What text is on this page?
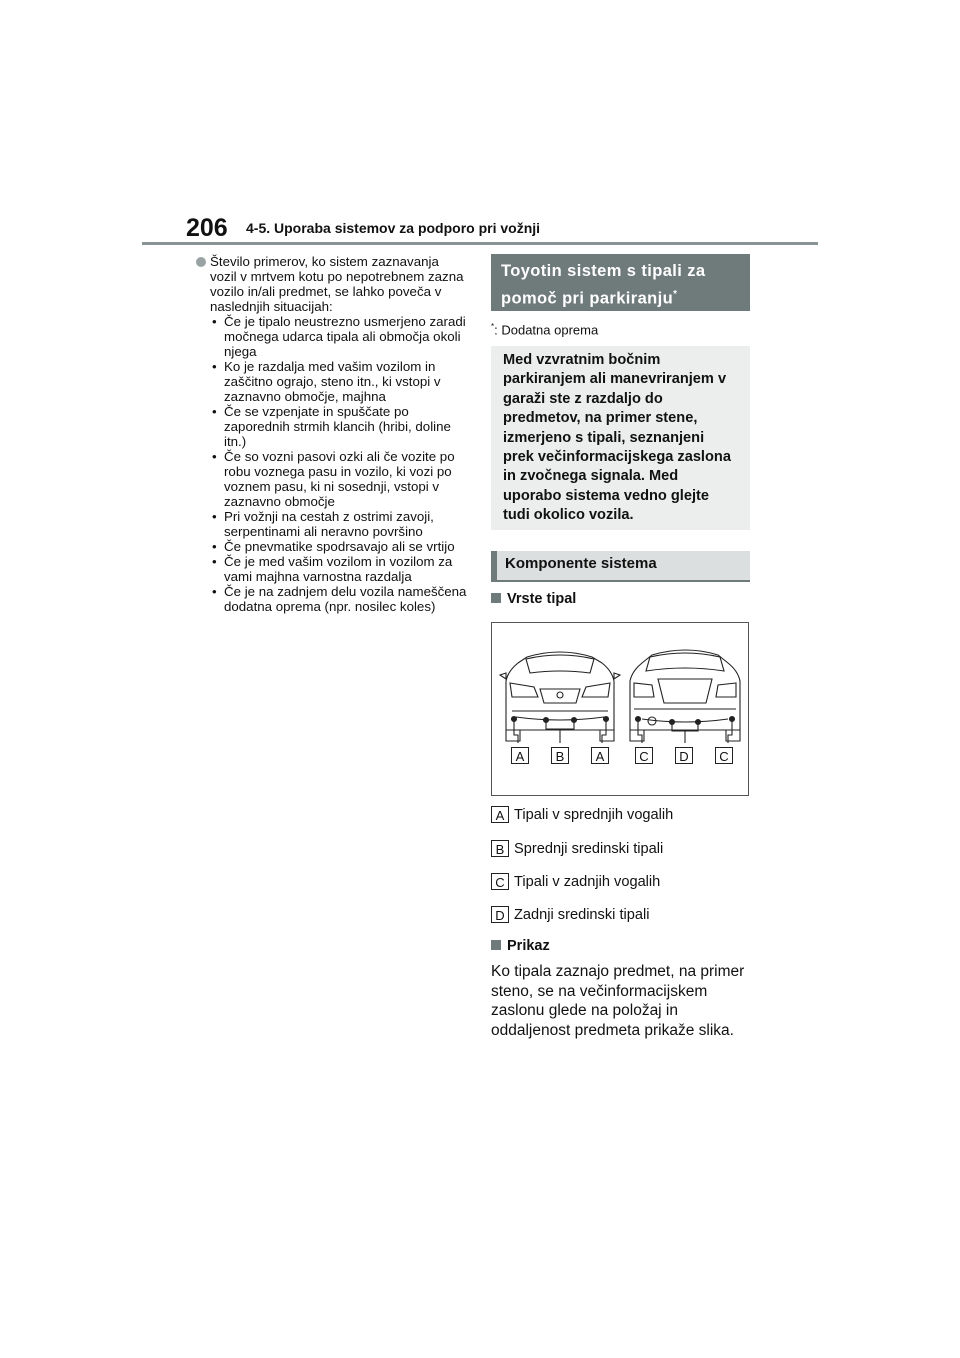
206 4-5. Uporaba sistemov za podporo pri vožnji
Število primerov, ko sistem zaznavanja vozil v mrtvem kotu po nepotrebnem zazna vozilo in/ali predmet, se lahko poveča v naslednjih situacijah:
• Če je tipalo neustrezno usmerjeno zaradi močnega udarca tipala ali območja okoli njega
• Ko je razdalja med vašim vozilom in zaščitno ograjo, steno itn., ki vstopi v zaznavno območje, majhna
• Če se vzpenjate in spuščate po zaporednih strmih klancih (hribi, doline itn.)
• Če so vozni pasovi ozki ali če vozite po robu voznega pasu in vozilo, ki vozi po voznem pasu, ki ni sosednji, vstopi v zaznavno območje
• Pri vožnji na cestah z ostrimi zavoji, serpentinami ali neravno površino
• Če pnevmatike spodrsavajo ali se vrtijo
• Če je med vašim vozilom in vozilom za vami majhna varnostna razdalja
• Če je na zadnjem delu vozila nameščena dodatna oprema (npr. nosilec koles)
Toyotin sistem s tipali za pomoč pri parkiranju*
*: Dodatna oprema
Med vzvratnim bočnim parkiranjem ali manevriranjem v garaži ste z razdaljo do predmetov, na primer stene, izmerjeno s tipali, seznanjeni prek večinformacijskega zaslona in zvočnega signala. Med uporabo sistema vedno glejte tudi okolico vozila.
Komponente sistema
Vrste tipal
A	B	A	C	D	C
A Tipali v sprednjih vogalih
B Sprednji sredinski tipali
C Tipali v zadnjih vogalih
D Zadnji sredinski tipali
Prikaz
Ko tipala zaznajo predmet, na primer steno, se na večinformacijskem zaslonu glede na položaj in oddaljenost predmeta prikaže slika.
